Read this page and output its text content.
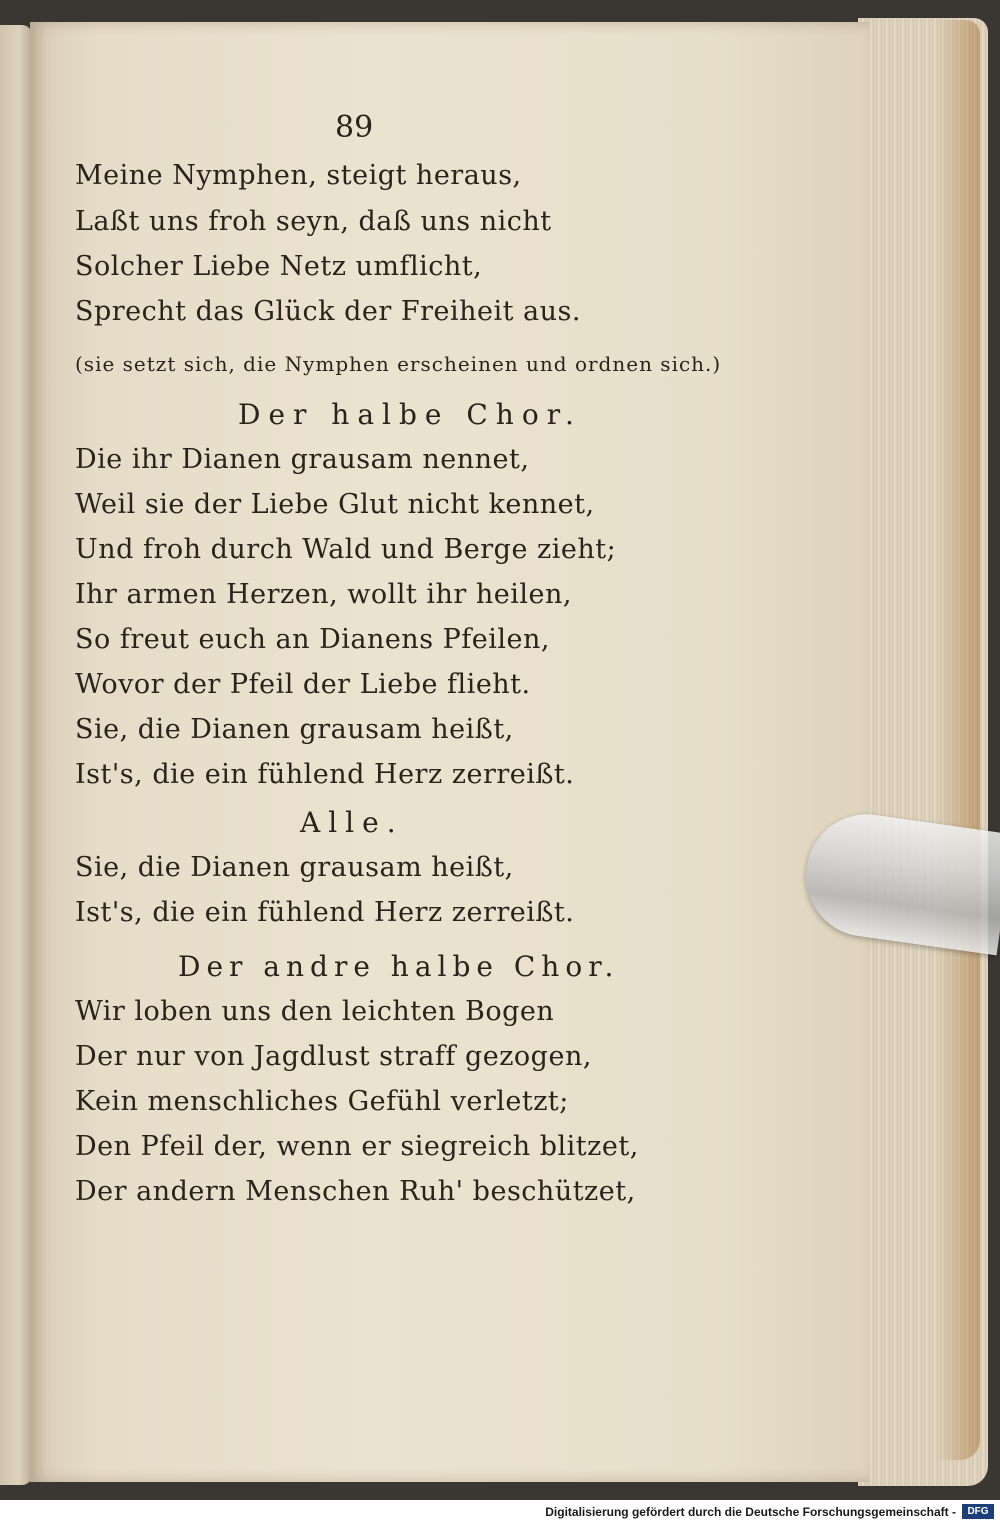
89
Meine Nymphen, steigt heraus,
Laßt uns froh seyn, daß uns nicht
Solcher Liebe Netz umflicht,
Sprecht das Glück der Freiheit aus.
(sie setzt sich, die Nymphen erscheinen und ordnen sich.)
Der halbe Chor.
Die ihr Dianen grausam nennet,
Weil sie der Liebe Glut nicht kennet,
Und froh durch Wald und Berge zieht;
Ihr armen Herzen, wollt ihr heilen,
So freut euch an Dianens Pfeilen,
Wovor der Pfeil der Liebe flieht.
Sie, die Dianen grausam heißt,
Ist's, die ein fühlend Herz zerreißt.
Alle.
Sie, die Dianen grausam heißt,
Ist's, die ein fühlend Herz zerreißt.
Der andre halbe Chor.
Wir loben uns den leichten Bogen
Der nur von Jagdlust straff gezogen,
Kein menschliches Gefühl verletzt;
Den Pfeil der, wenn er siegreich blitzet,
Der andern Menschen Ruh' beschützet,
Digitalisierung gefördert durch die Deutsche Forschungsgemeinschaft -	DFG
